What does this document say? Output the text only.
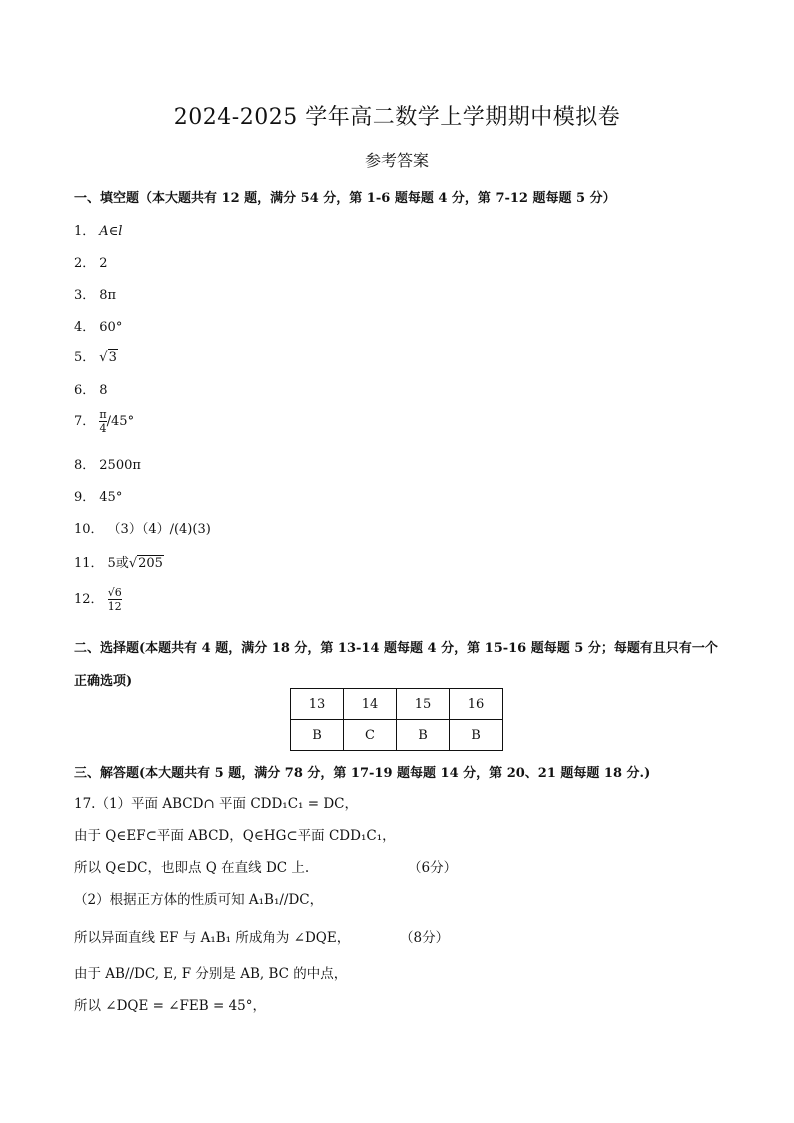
2024-2025 学年高二数学上学期期中模拟卷
参考答案
一、填空题（本大题共有 12 题，满分 54 分，第 1-6 题每题 4 分，第 7-12 题每题 5 分）
1． A∈l
2． 2
3． 8π
4． 60°
5． √3
6． 8
7． $\frac{\pi}{4} /45^\circ$
8． 2500π
9． 45°
10． （3）（4）/(4)(3)
11． 5或√205
12． $\frac{√6}{12}$
二、选择题(本题共有 4 题，满分 18 分，第 13-14 题每题 4 分，第 15-16 题每题 5 分；每题有且只有一个正确选项)
13	14	15	16
B	C	B	B
三、解答题(本大题共有 5 题，满分 78 分，第 17-19 题每题 14 分，第 20、21 题每题 18 分.)
17.（1）平面 ABCD∩ 平面 CDD₁C₁ = DC，
由于 Q∈EF⊂平面 ABCD，Q∈HG⊂平面 CDD₁C₁，
所以 Q∈DC，也即点 Q 在直线 DC 上.	（6分）
（2）根据正方体的性质可知 A₁B₁//DC，
所以异面直线 EF 与 A₁B₁ 所成角为 ∠DQE，	（8分）
由于 AB//DC, E, F 分别是 AB, BC 的中点，
所以 ∠DQE = ∠FEB = 45°，
